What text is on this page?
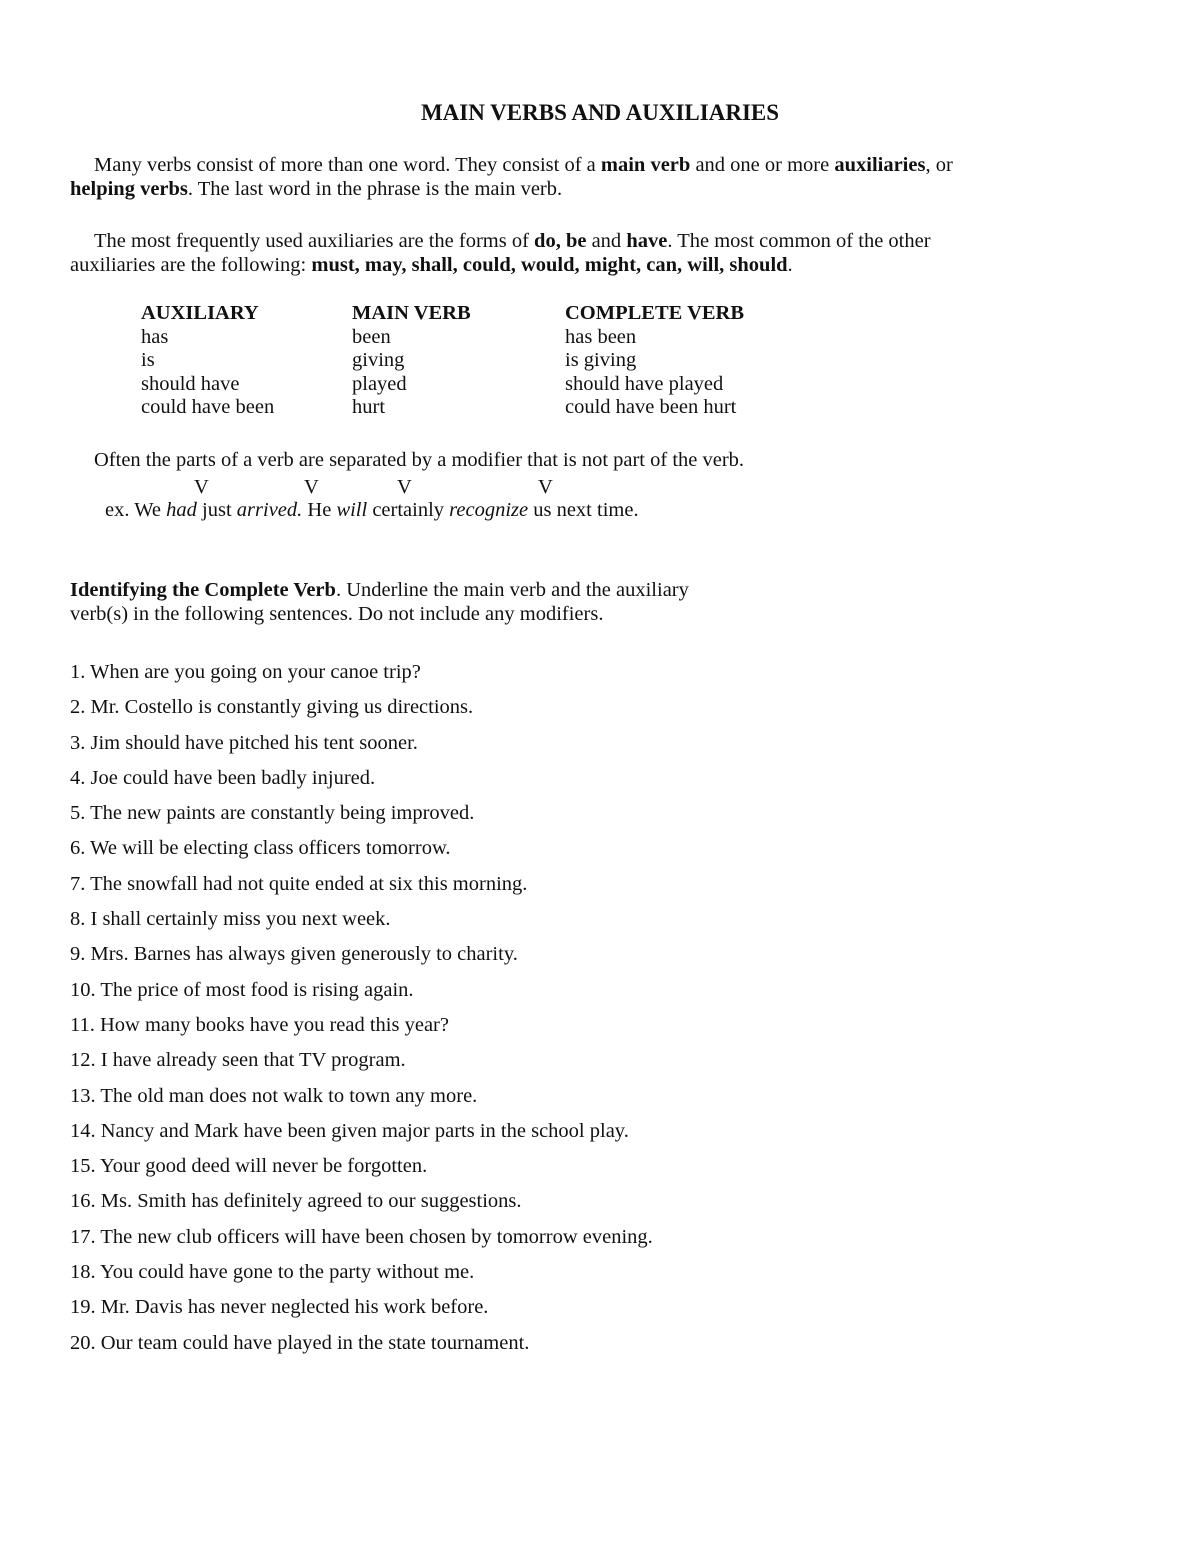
MAIN VERBS AND AUXILIARIES

Many verbs consist of more than one word. They consist of a main verb and one or more auxiliaries, or
helping verbs. The last word in the phrase is the main verb.

The most frequently used auxiliaries are the forms of do, be and have. The most common of the other
auxiliaries are the following: must, may, shall, could, would, might, can, will, should.

AUXILIARY	MAIN VERB	COMPLETE VERB
has	been	has been
is	giving	is giving
should have	played	should have played
could have been	hurt	could have been hurt

Often the parts of a verb are separated by a modifier that is not part of the verb.

V	V	V	V
ex. We had just arrived. He will certainly recognize us next time.

Identifying the Complete Verb. Underline the main verb and the auxiliary
verb(s) in the following sentences. Do not include any modifiers.

1. When are you going on your canoe trip?
2. Mr. Costello is constantly giving us directions.
3. Jim should have pitched his tent sooner.
4. Joe could have been badly injured.
5. The new paints are constantly being improved.
6. We will be electing class officers tomorrow.
7. The snowfall had not quite ended at six this morning.
8. I shall certainly miss you next week.
9. Mrs. Barnes has always given generously to charity.
10. The price of most food is rising again.
11. How many books have you read this year?
12. I have already seen that TV program.
13. The old man does not walk to town any more.
14. Nancy and Mark have been given major parts in the school play.
15. Your good deed will never be forgotten.
16. Ms. Smith has definitely agreed to our suggestions.
17. The new club officers will have been chosen by tomorrow evening.
18. You could have gone to the party without me.
19. Mr. Davis has never neglected his work before.
20. Our team could have played in the state tournament.
